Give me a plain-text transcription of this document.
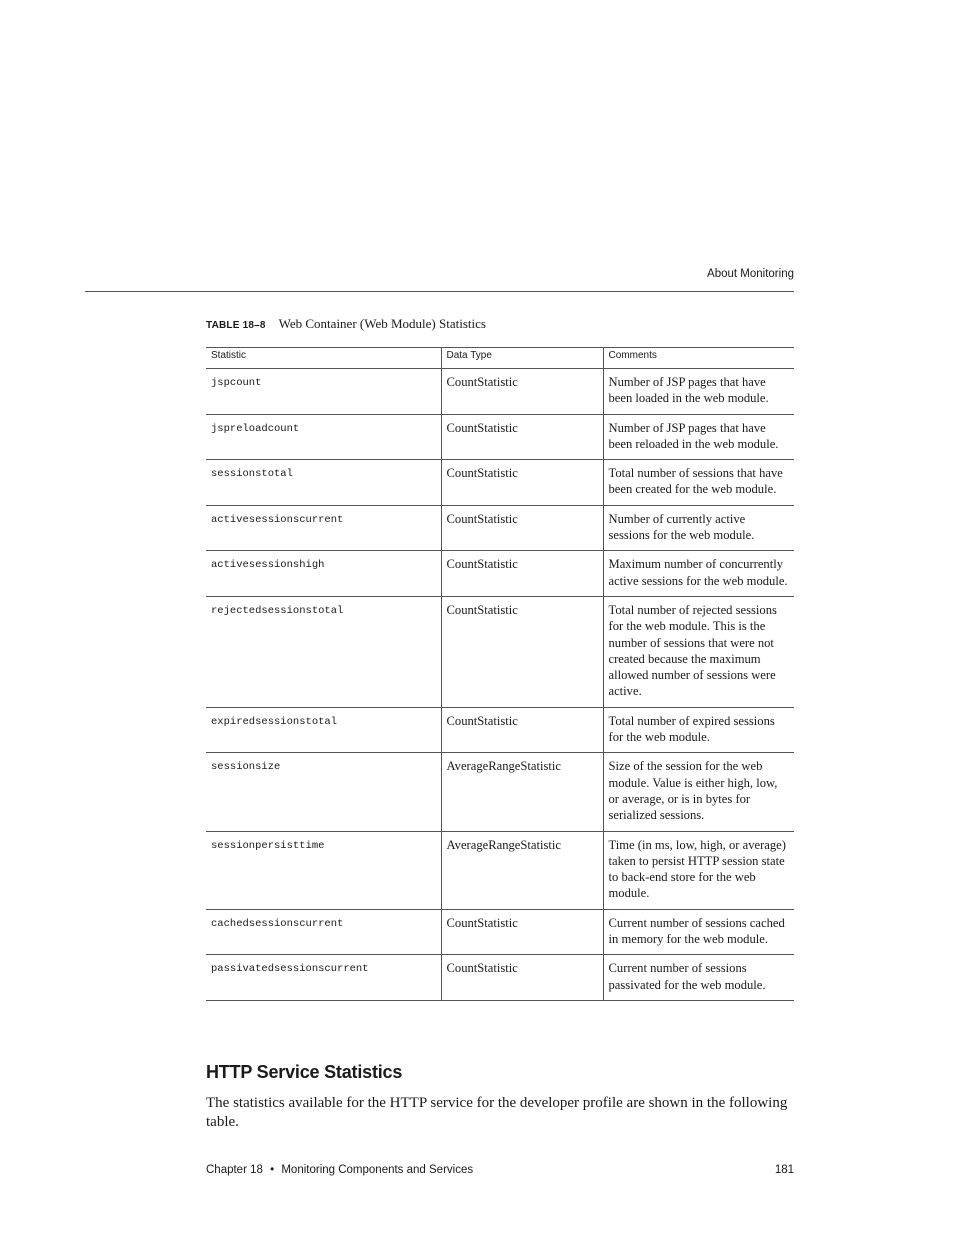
About Monitoring
TABLE 18–8 Web Container (Web Module) Statistics
Statistic	Data Type	Comments
jspcount	CountStatistic	Number of JSP pages that have been loaded in the web module.
jspreloadcount	CountStatistic	Number of JSP pages that have been reloaded in the web module.
sessionstotal	CountStatistic	Total number of sessions that have been created for the web module.
activesessionscurrent	CountStatistic	Number of currently active sessions for the web module.
activesessionshigh	CountStatistic	Maximum number of concurrently active sessions for the web module.
rejectedsessionstotal	CountStatistic	Total number of rejected sessions for the web module. This is the number of sessions that were not created because the maximum allowed number of sessions were active.
expiredsessionstotal	CountStatistic	Total number of expired sessions for the web module.
sessionsize	AverageRangeStatistic	Size of the session for the web module. Value is either high, low, or average, or is in bytes for serialized sessions.
sessionpersisttime	AverageRangeStatistic	Time (in ms, low, high, or average) taken to persist HTTP session state to back-end store for the web module.
cachedsessionscurrent	CountStatistic	Current number of sessions cached in memory for the web module.
passivatedsessionscurrent	CountStatistic	Current number of sessions passivated for the web module.
HTTP Service Statistics

The statistics available for the HTTP service for the developer profile are shown in the following table.

Chapter 18 • Monitoring Components and Services	181
